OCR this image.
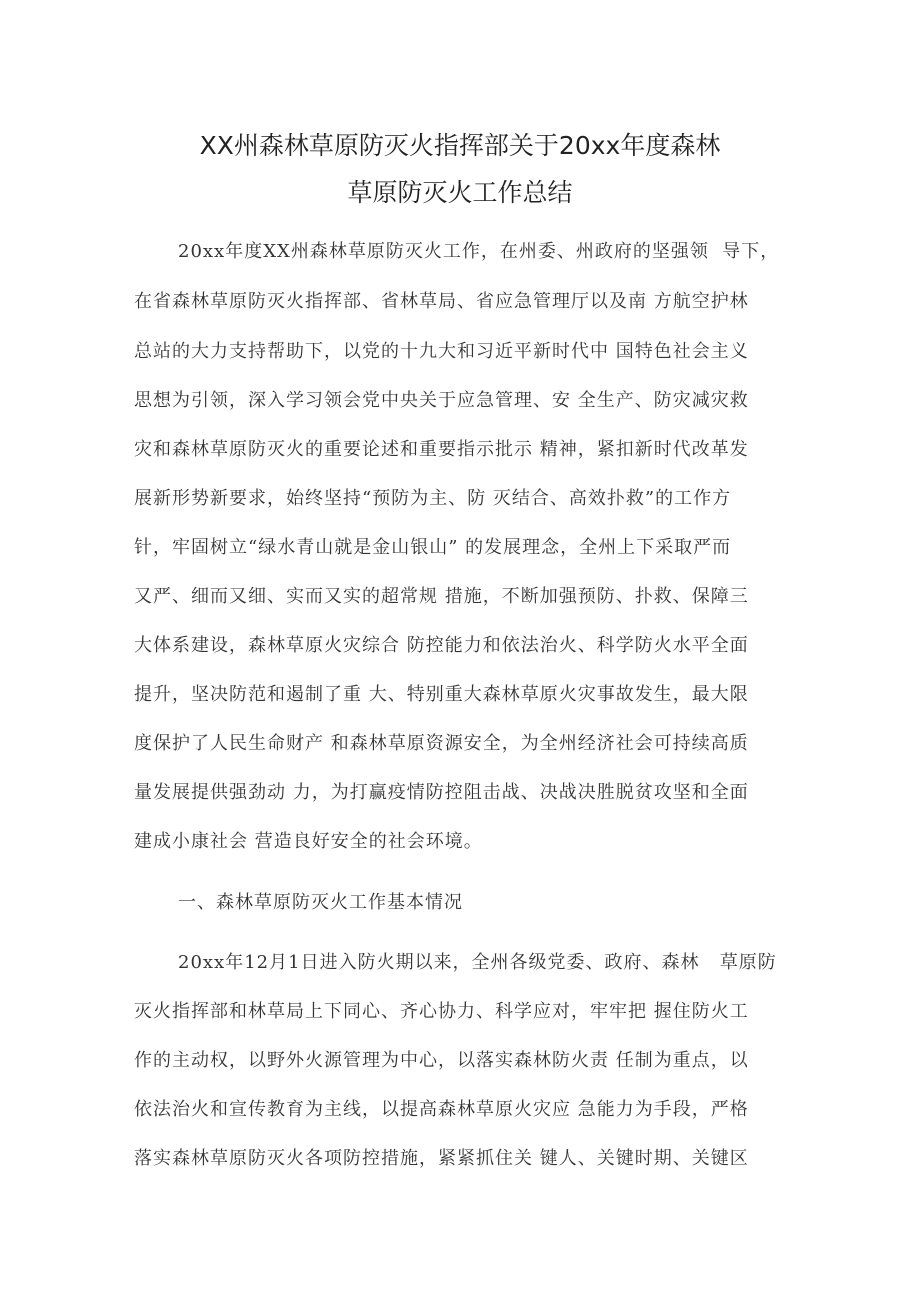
XX州森林草原防灭火指挥部关于20xx年度森林
草原防灭火工作总结
20xx年度XX州森林草原防灭火工作，在州委、州政府的坚强领  导下，
在省森林草原防灭火指挥部、省林草局、省应急管理厅以及南 方航空护林
总站的大力支持帮助下，以党的十九大和习近平新时代中 国特色社会主义
思想为引领，深入学习领会党中央关于应急管理、安 全生产、防灾减灾救
灾和森林草原防灭火的重要论述和重要指示批示 精神，紧扣新时代改革发
展新形势新要求，始终坚持“预防为主、防 灭结合、高效扑救”的工作方
针，牢固树立“绿水青山就是金山银山” 的发展理念，全州上下采取严而
又严、细而又细、实而又实的超常规 措施，不断加强预防、扑救、保障三
大体系建设，森林草原火灾综合 防控能力和依法治火、科学防火水平全面
提升，坚决防范和遏制了重 大、特别重大森林草原火灾事故发生，最大限
度保护了人民生命财产 和森林草原资源安全，为全州经济社会可持续高质
量发展提供强劲动 力，为打赢疫情防控阻击战、决战决胜脱贫攻坚和全面
建成小康社会 营造良好安全的社会环境。
一、森林草原防灭火工作基本情况
20xx年12月1日进入防火期以来，全州各级党委、政府、森林   草原防
灭火指挥部和林草局上下同心、齐心协力、科学应对，牢牢把 握住防火工
作的主动权，以野外火源管理为中心，以落实森林防火责 任制为重点，以
依法治火和宣传教育为主线，以提高森林草原火灾应 急能力为手段，严格
落实森林草原防灭火各项防控措施，紧紧抓住关 键人、关键时期、关键区
